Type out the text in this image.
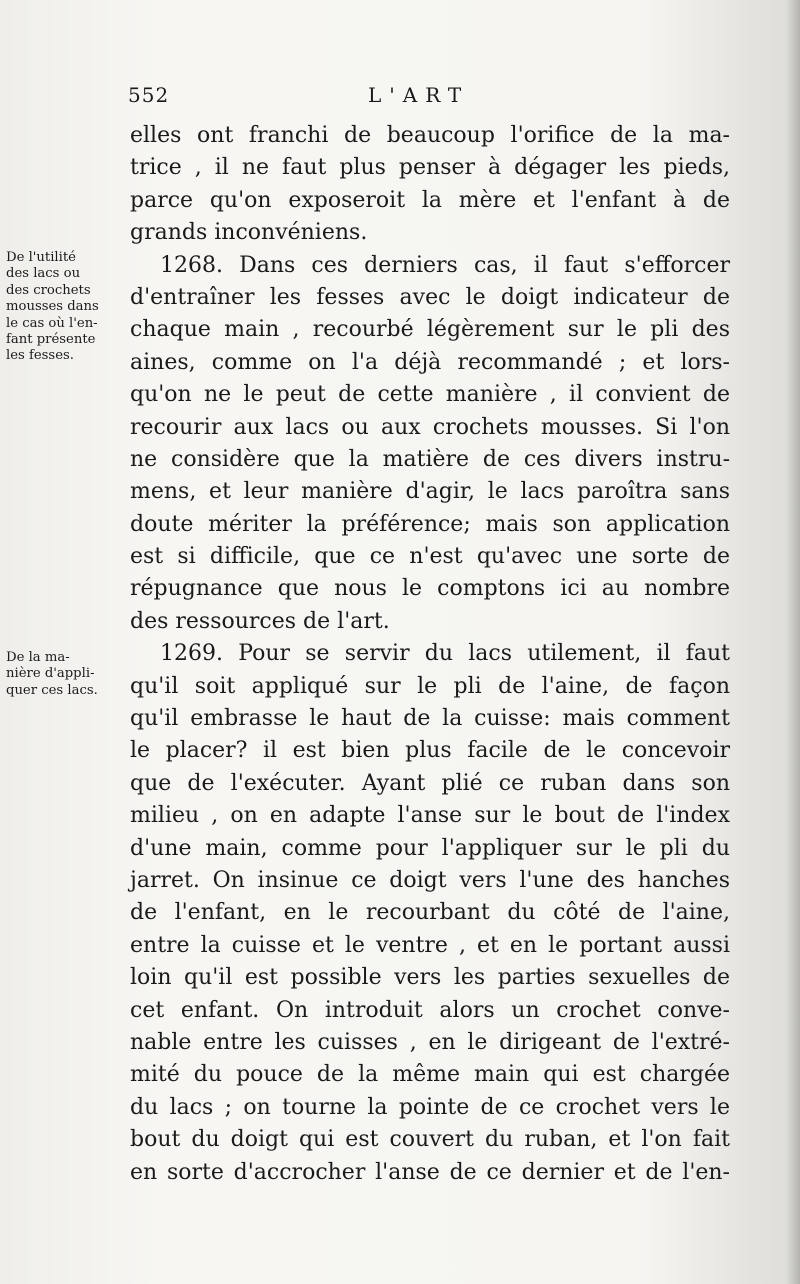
552	L'ART
elles ont franchi de beaucoup l'orifice de la ma-
trice , il ne faut plus penser à dégager les pieds,
parce qu'on exposeroit la mère et l'enfant à de
grands inconvéniens.
1268. Dans ces derniers cas, il faut s'efforcer
d'entraîner les fesses avec le doigt indicateur de
chaque main , recourbé légèrement sur le pli des
aines, comme on l'a déjà recommandé ; et lors-
qu'on ne le peut de cette manière , il convient de
recourir aux lacs ou aux crochets mousses. Si l'on
ne considère que la matière de ces divers instru-
mens, et leur manière d'agir, le lacs paroîtra sans
doute mériter la préférence; mais son application
est si difficile, que ce n'est qu'avec une sorte de
répugnance que nous le comptons ici au nombre
des ressources de l'art.
1269. Pour se servir du lacs utilement, il faut
qu'il soit appliqué sur le pli de l'aine, de façon
qu'il embrasse le haut de la cuisse: mais comment
le placer? il est bien plus facile de le concevoir
que de l'exécuter. Ayant plié ce ruban dans son
milieu , on en adapte l'anse sur le bout de l'index
d'une main, comme pour l'appliquer sur le pli du
jarret. On insinue ce doigt vers l'une des hanches
de l'enfant, en le recourbant du côté de l'aine,
entre la cuisse et le ventre , et en le portant aussi
loin qu'il est possible vers les parties sexuelles de
cet enfant. On introduit alors un crochet conve-
nable entre les cuisses , en le dirigeant de l'extré-
mité du pouce de la même main qui est chargée
du lacs ; on tourne la pointe de ce crochet vers le
bout du doigt qui est couvert du ruban, et l'on fait
en sorte d'accrocher l'anse de ce dernier et de l'en-
De l'utilité
des lacs ou
des crochets
mousses dans
le cas où l'en-
fant présente
les fesses.
De la ma-
nière d'appli-
quer ces lacs.
